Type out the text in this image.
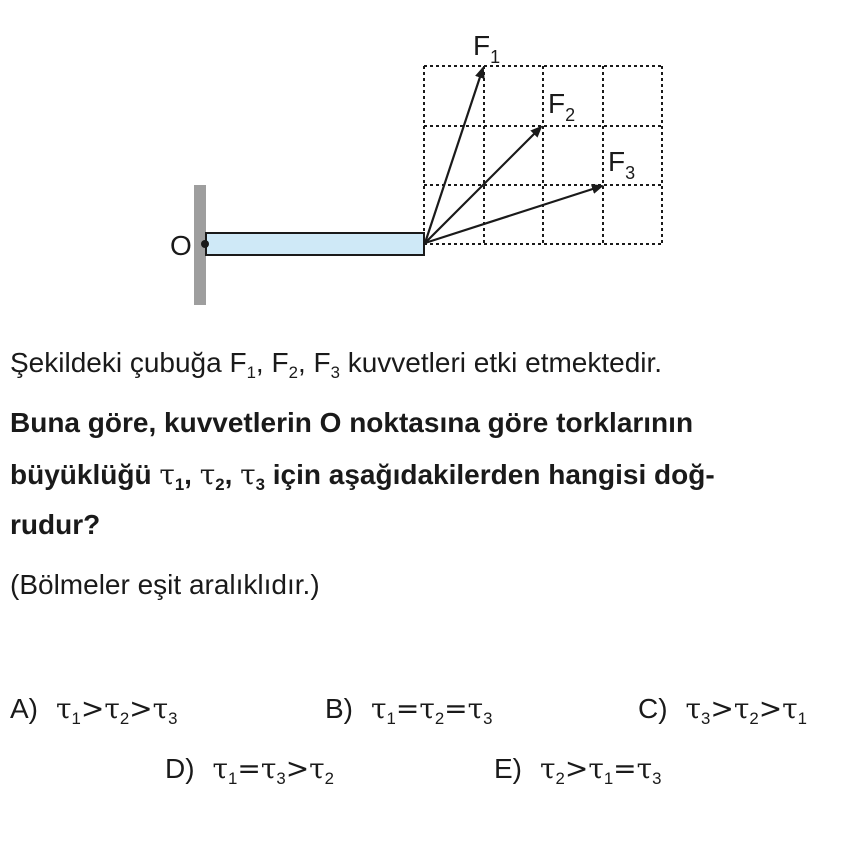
O
$F_1$
$F_2$
$F_3$
Şekildeki çubuğa $F_1$, $F_2$, $F_3$ kuvvetleri etki etmektedir.
Buna göre, kuvvetlerin O noktasına göre torklarının
büyüklüğü $\tau_1$, $\tau_2$, $\tau_3$ için aşağıdakilerden hangisi doğ-
rudur?
(Bölmeler eşit aralıklıdır.)
A) $\tau_1>\tau_2>\tau_3$	B) $\tau_1=\tau_2=\tau_3$	C) $\tau_3>\tau_2>\tau_1$
D) $\tau_1=\tau_3>\tau_2$	E) $\tau_2>\tau_1=\tau_3$
